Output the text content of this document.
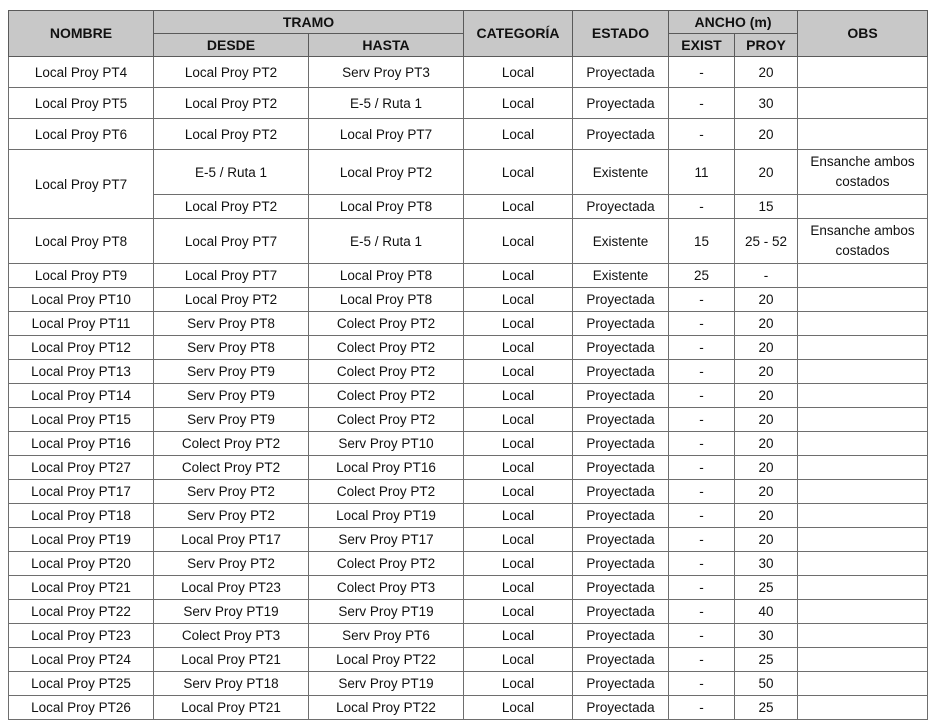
NOMBRE	TRAMO		CATEGORÍA	ESTADO	ANCHO (m)		OBS
	DESDE	HASTA			EXIST	PROY	
Local Proy PT4	Local Proy PT2	Serv Proy PT3	Local	Proyectada	-	20	
Local Proy PT5	Local Proy PT2	E-5 / Ruta 1	Local	Proyectada	-	30	
Local Proy PT6	Local Proy PT2	Local Proy PT7	Local	Proyectada	-	20	
Local Proy PT7	E-5 / Ruta 1	Local Proy PT2	Local	Existente	11	20	Ensanche ambos costados
	Local Proy PT2	Local Proy PT8	Local	Proyectada	-	15	
Local Proy PT8	Local Proy PT7	E-5 / Ruta 1	Local	Existente	15	25 - 52	Ensanche ambos costados
Local Proy PT9	Local Proy PT7	Local Proy PT8	Local	Existente	25	-	
Local Proy PT10	Local Proy PT2	Local Proy PT8	Local	Proyectada	-	20	
Local Proy PT11	Serv Proy PT8	Colect Proy PT2	Local	Proyectada	-	20	
Local Proy PT12	Serv Proy PT8	Colect Proy PT2	Local	Proyectada	-	20	
Local Proy PT13	Serv Proy PT9	Colect Proy PT2	Local	Proyectada	-	20	
Local Proy PT14	Serv Proy PT9	Colect Proy PT2	Local	Proyectada	-	20	
Local Proy PT15	Serv Proy PT9	Colect Proy PT2	Local	Proyectada	-	20	
Local Proy PT16	Colect Proy PT2	Serv Proy PT10	Local	Proyectada	-	20	
Local Proy PT27	Colect Proy PT2	Local Proy PT16	Local	Proyectada	-	20	
Local Proy PT17	Serv Proy PT2	Colect Proy PT2	Local	Proyectada	-	20	
Local Proy PT18	Serv Proy PT2	Local Proy PT19	Local	Proyectada	-	20	
Local Proy PT19	Local Proy PT17	Serv Proy PT17	Local	Proyectada	-	20	
Local Proy PT20	Serv Proy PT2	Colect Proy PT2	Local	Proyectada	-	30	
Local Proy PT21	Local Proy PT23	Colect Proy PT3	Local	Proyectada	-	25	
Local Proy PT22	Serv Proy PT19	Serv Proy PT19	Local	Proyectada	-	40	
Local Proy PT23	Colect Proy PT3	Serv Proy PT6	Local	Proyectada	-	30	
Local Proy PT24	Local Proy PT21	Local Proy PT22	Local	Proyectada	-	25	
Local Proy PT25	Serv Proy PT18	Serv Proy PT19	Local	Proyectada	-	50	
Local Proy PT26	Local Proy PT21	Local Proy PT22	Local	Proyectada	-	25	
